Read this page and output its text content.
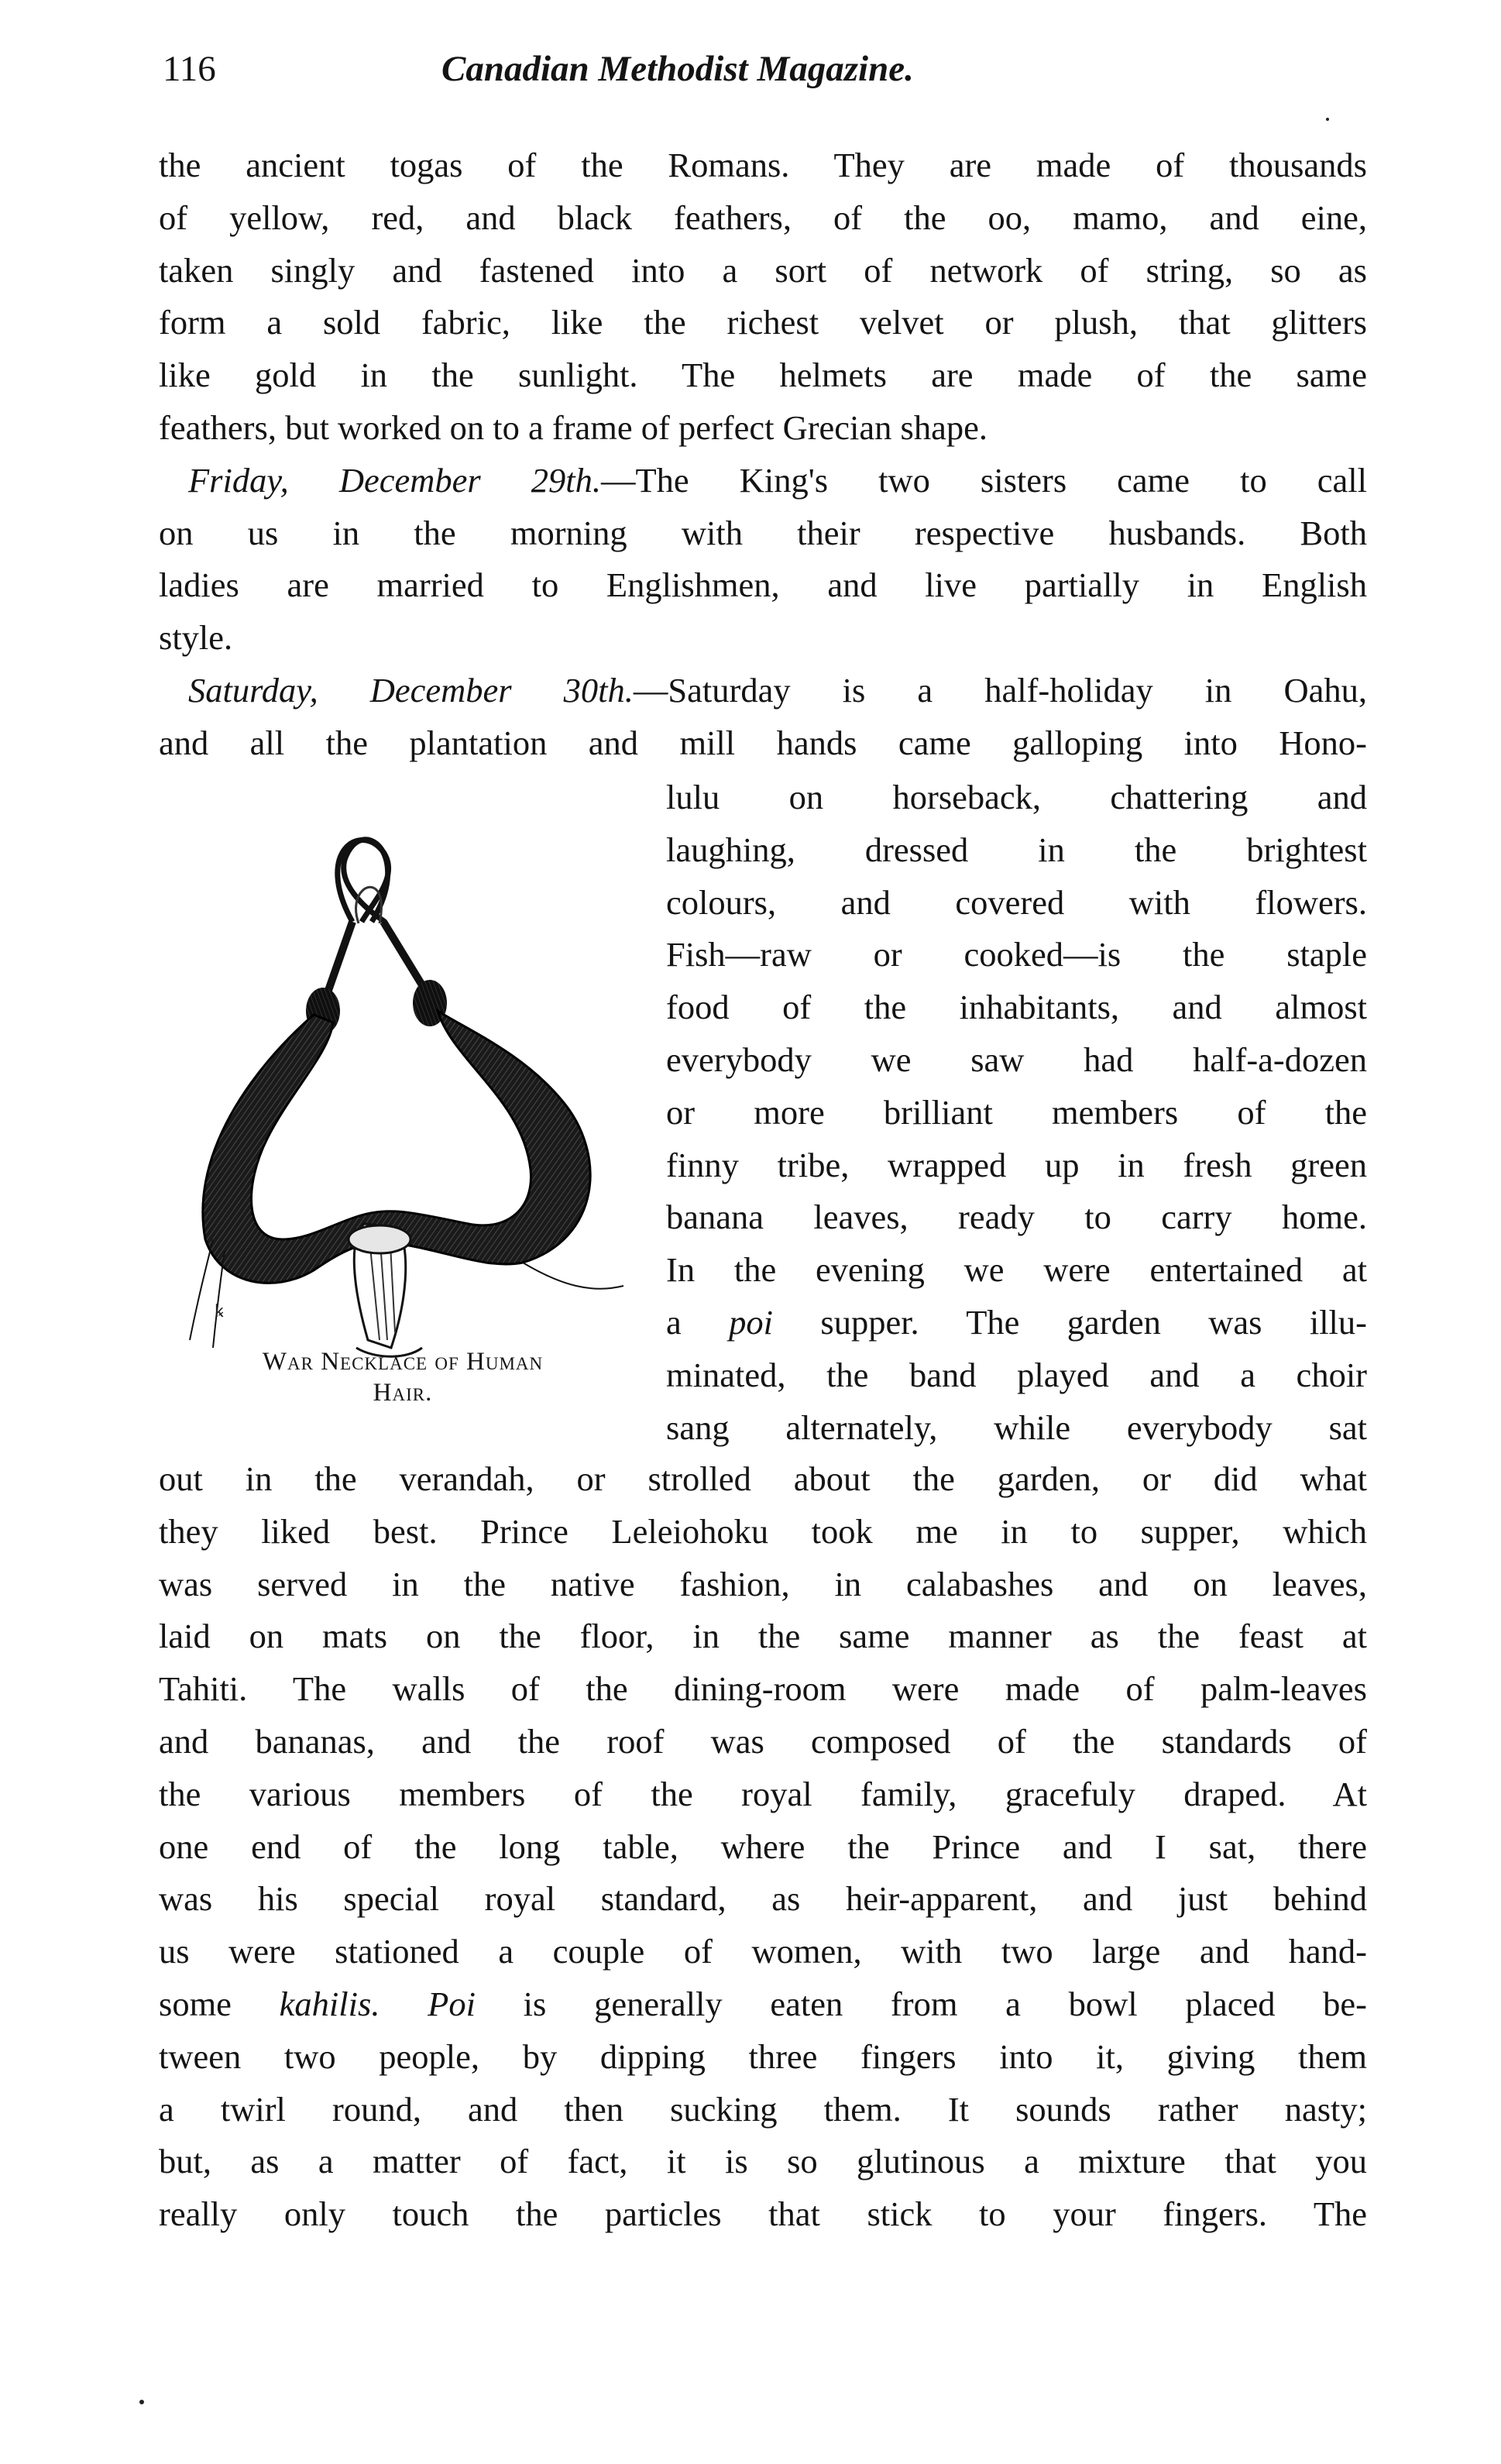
116	Canadian Methodist Magazine.
the ancient togas of the Romans. They are made of thousands
of yellow, red, and black feathers, of the oo, mamo, and eine,
taken singly and fastened into a sort of network of string, so as
form a sold fabric, like the richest velvet or plush, that glitters
like gold in the sunlight. The helmets are made of the same
feathers, but worked on to a frame of perfect Grecian shape.
Friday, December 29th.—The King's two sisters came to call
on us in the morning with their respective husbands. Both
ladies are married to Englishmen, and live partially in English
style.
Saturday, December 30th.—Saturday is a half-holiday in Oahu,
and all the plantation and mill hands came galloping into Hono-
ꝃ
War Necklace of Human
Hair.
lulu on horseback, chattering and
laughing, dressed in the brightest
colours, and covered with flowers.
Fish—raw or cooked—is the staple
food of the inhabitants, and almost
everybody we saw had half-a-dozen
or more brilliant members of the
finny tribe, wrapped up in fresh green
banana leaves, ready to carry home.
In the evening we were entertained at
a poi supper. The garden was illu-
minated, the band played and a choir
sang alternately, while everybody sat
out in the verandah, or strolled about the garden, or did what
they liked best. Prince Leleiohoku took me in to supper, which
was served in the native fashion, in calabashes and on leaves,
laid on mats on the floor, in the same manner as the feast at
Tahiti. The walls of the dining-room were made of palm-leaves
and bananas, and the roof was composed of the standards of
the various members of the royal family, gracefuly draped. At
one end of the long table, where the Prince and I sat, there
was his special royal standard, as heir-apparent, and just behind
us were stationed a couple of women, with two large and hand-
some kahilis. Poi is generally eaten from a bowl placed be-
tween two people, by dipping three fingers into it, giving them
a twirl round, and then sucking them. It sounds rather nasty;
but, as a matter of fact, it is so glutinous a mixture that you
really only touch the particles that stick to your fingers. The
